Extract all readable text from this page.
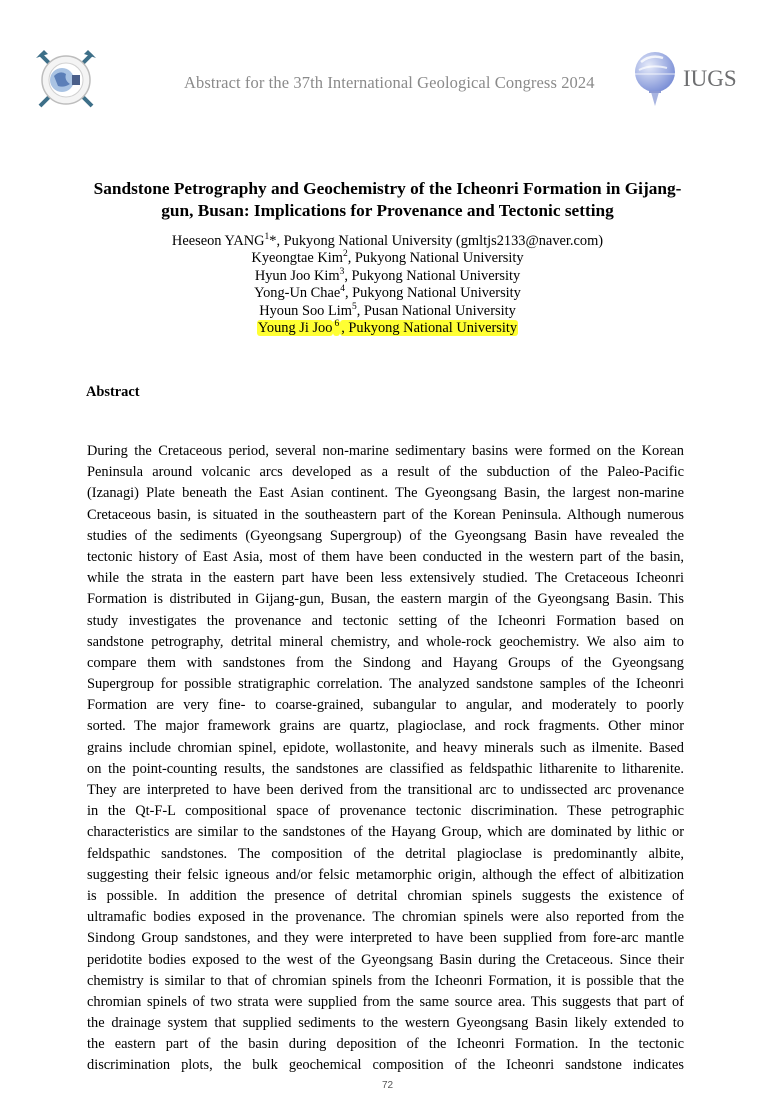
Abstract for the 37th International Geological Congress 2024	IUGS
Sandstone Petrography and Geochemistry of the Icheonri Formation in Gijang-
gun, Busan: Implications for Provenance and Tectonic setting
Heeseon YANG$^1$*, Pukyong National University (gmltjs2133@naver.com)
Kyeongtae Kim$^2$, Pukyong National University
Hyun Joo Kim$^3$, Pukyong National University
Yong-Un Chae$^4$, Pukyong National University
Hyoun Soo Lim$^5$, Pusan National University
Young Ji Joo $^6$ , Pukyong National University
Abstract
During the Cretaceous period, several non-marine sedimentary basins were formed on the Korean
Peninsula around volcanic arcs developed as a result of the subduction of the Paleo-Pacific
(Izanagi) Plate beneath the East Asian continent. The Gyeongsang Basin, the largest non-marine
Cretaceous basin, is situated in the southeastern part of the Korean Peninsula. Although numerous
studies of the sediments (Gyeongsang Supergroup) of the Gyeongsang Basin have revealed the
tectonic history of East Asia, most of them have been conducted in the western part of the basin,
while the strata in the eastern part have been less extensively studied. The Cretaceous Icheonri
Formation is distributed in Gijang-gun, Busan, the eastern margin of the Gyeongsang Basin. This
study investigates the provenance and tectonic setting of the Icheonri Formation based on
sandstone petrography, detrital mineral chemistry, and whole-rock geochemistry. We also aim to
compare them with sandstones from the Sindong and Hayang Groups of the Gyeongsang
Supergroup for possible stratigraphic correlation. The analyzed sandstone samples of the Icheonri
Formation are very fine- to coarse-grained, subangular to angular, and moderately to poorly
sorted. The major framework grains are quartz, plagioclase, and rock fragments. Other minor
grains include chromian spinel, epidote, wollastonite, and heavy minerals such as ilmenite. Based
on the point-counting results, the sandstones are classified as feldspathic litharenite to litharenite.
They are interpreted to have been derived from the transitional arc to undissected arc provenance
in the Qt-F-L compositional space of provenance tectonic discrimination. These petrographic
characteristics are similar to the sandstones of the Hayang Group, which are dominated by lithic or
feldspathic sandstones. The composition of the detrital plagioclase is predominantly albite,
suggesting their felsic igneous and/or felsic metamorphic origin, although the effect of albitization
is possible. In addition the presence of detrital chromian spinels suggests the existence of
ultramafic bodies exposed in the provenance. The chromian spinels were also reported from the
Sindong Group sandstones, and they were interpreted to have been supplied from fore-arc mantle
peridotite bodies exposed to the west of the Gyeongsang Basin during the Cretaceous. Since their
chemistry is similar to that of chromian spinels from the Icheonri Formation, it is possible that the
chromian spinels of two strata were supplied from the same source area. This suggests that part of
the drainage system that supplied sediments to the western Gyeongsang Basin likely extended to
the eastern part of the basin during deposition of the Icheonri Formation. In the tectonic
discrimination plots, the bulk geochemical composition of the Icheonri sandstone indicates
72
